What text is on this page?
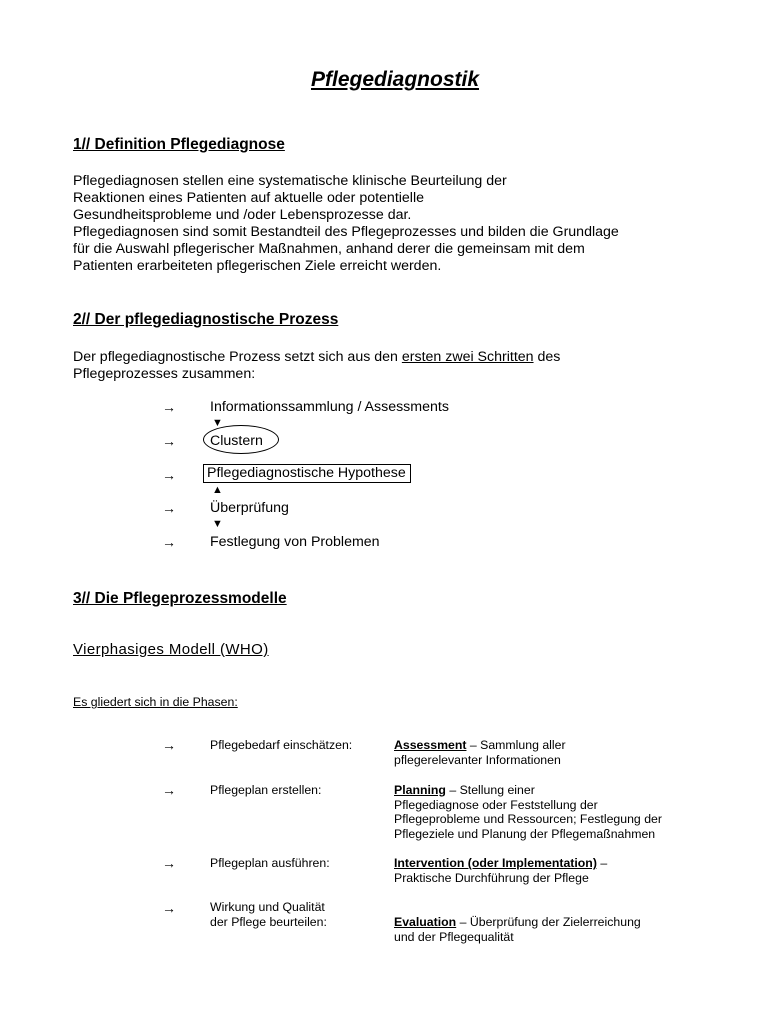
Pflegediagnostik
1// Definition Pflegediagnose
Pflegediagnosen stellen eine systematische klinische Beurteilung der
Reaktionen eines Patienten auf aktuelle oder potentielle
Gesundheitsprobleme und /oder Lebensprozesse dar.
Pflegediagnosen sind somit Bestandteil des Pflegeprozesses und bilden die Grundlage
für die Auswahl pflegerischer Maßnahmen, anhand derer die gemeinsam mit dem
Patienten erarbeiteten pflegerischen Ziele erreicht werden.
2// Der pflegediagnostische Prozess
Der pflegediagnostische Prozess setzt sich aus den ersten zwei Schritten des
Pflegeprozesses zusammen:
→ Informationssammlung / Assessments
▼
→ Clustern
→ Pflegediagnostische Hypothese
▲
→ Überprüfung
▼
→ Festlegung von Problemen
3// Die Pflegeprozessmodelle
Vierphasiges Modell (WHO)
Es gliedert sich in die Phasen:
→	Pflegebedarf einschätzen:	Assessment – Sammlung aller
pflegerelevanter Informationen
→	Pflegeplan erstellen:	Planning – Stellung einer
Pflegediagnose oder Feststellung der
Pflegeprobleme und Ressourcen; Festlegung der
Pflegeziele und Planung der Pflegemaßnahmen
→	Pflegeplan ausführen:	Intervention (oder Implementation) –
Praktische Durchführung der Pflege
→	Wirkung und Qualität
der Pflege beurteilen:	Evaluation – Überprüfung der Zielerreichung
und der Pflegequalität
